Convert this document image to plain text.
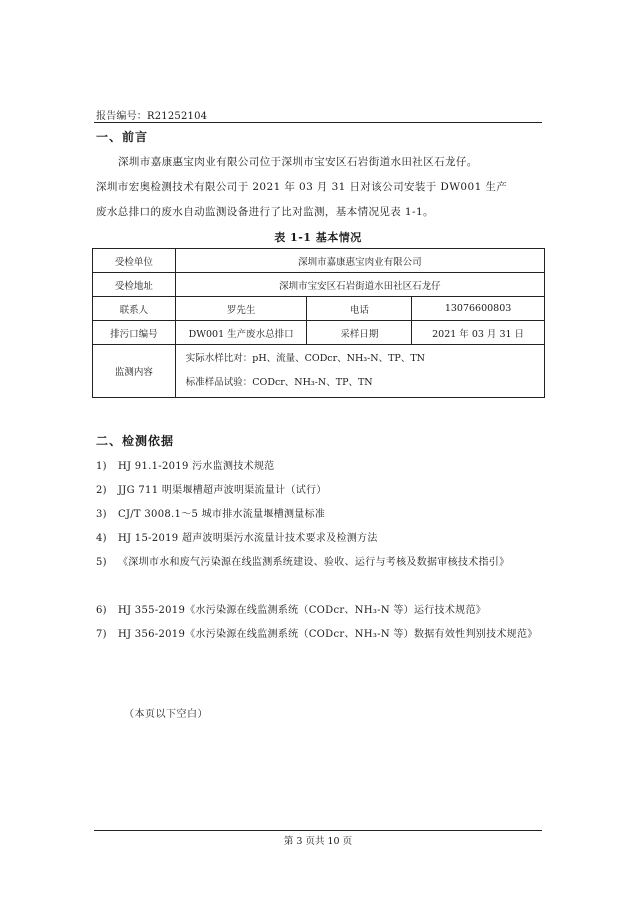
报告编号：R21252104
一、前言
深圳市嘉康惠宝肉业有限公司位于深圳市宝安区石岩街道水田社区石龙仔。
深圳市宏奥检测技术有限公司于 2021 年 03 月 31 日对该公司安装于 DW001 生产
废水总排口的废水自动监测设备进行了比对监测，基本情况见表 1-1。
表 1-1 基本情况
受检单位	深圳市嘉康惠宝肉业有限公司		
受检地址	深圳市宝安区石岩街道水田社区石龙仔		
联系人	罗先生	电话	13076600803
排污口编号	DW001 生产废水总排口	采样日期	2021 年 03 月 31 日
监测内容	实际水样比对：pH、流量、CODcr、NH₃-N、TP、TN
标准样品试验：CODcr、NH₃-N、TP、TN		
二、检测依据
1) HJ 91.1-2019 污水监测技术规范
2) JJG 711 明渠堰槽超声波明渠流量计（试行）
3) CJ/T 3008.1～5 城市排水流量堰槽测量标准
4) HJ 15-2019 超声波明渠污水流量计技术要求及检测方法
5) 《深圳市水和废气污染源在线监测系统建设、验收、运行与考核及数据审核技术指引》
6) HJ 355-2019《水污染源在线监测系统（CODcr、NH₃-N 等）运行技术规范》
7) HJ 356-2019《水污染源在线监测系统（CODcr、NH₃-N 等）数据有效性判别技术规范》
（本页以下空白）
第 3 页共 10 页
